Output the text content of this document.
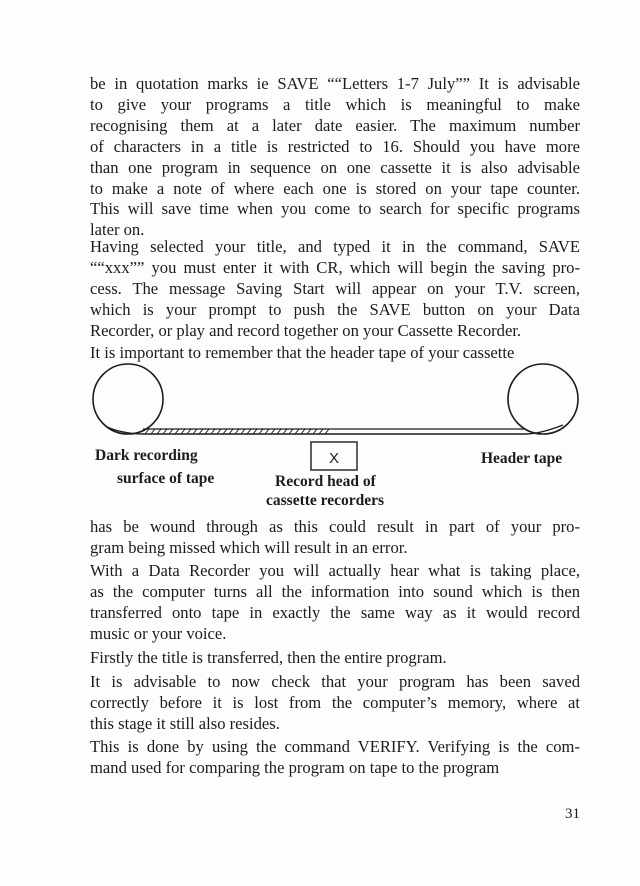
be in quotation marks ie SAVE ““Letters 1-7 July”” It is advisable
to give your programs a title which is meaningful to make
recognising them at a later date easier. The maximum number
of characters in a title is restricted to 16. Should you have more
than one program in sequence on one cassette it is also advisable
to make a note of where each one is stored on your tape counter.
This will save time when you come to search for specific programs
later on.

Having selected your title, and typed it in the command, SAVE
““xxx”” you must enter it with CR, which will begin the saving pro-
cess. The message Saving Start will appear on your T.V. screen,
which is your prompt to push the SAVE button on your Data
Recorder, or play and record together on your Cassette Recorder.

It is important to remember that the header tape of your cassette

X
Dark recording
surface of tape
Header tape
Record head of
cassette recorders

has be wound through as this could result in part of your pro-
gram being missed which will result in an error.

With a Data Recorder you will actually hear what is taking place,
as the computer turns all the information into sound which is then
transferred onto tape in exactly the same way as it would record
music or your voice.

Firstly the title is transferred, then the entire program.

It is advisable to now check that your program has been saved
correctly before it is lost from the computer’s memory, where at
this stage it still also resides.

This is done by using the command VERIFY. Verifying is the com-
mand used for comparing the program on tape to the program

31
